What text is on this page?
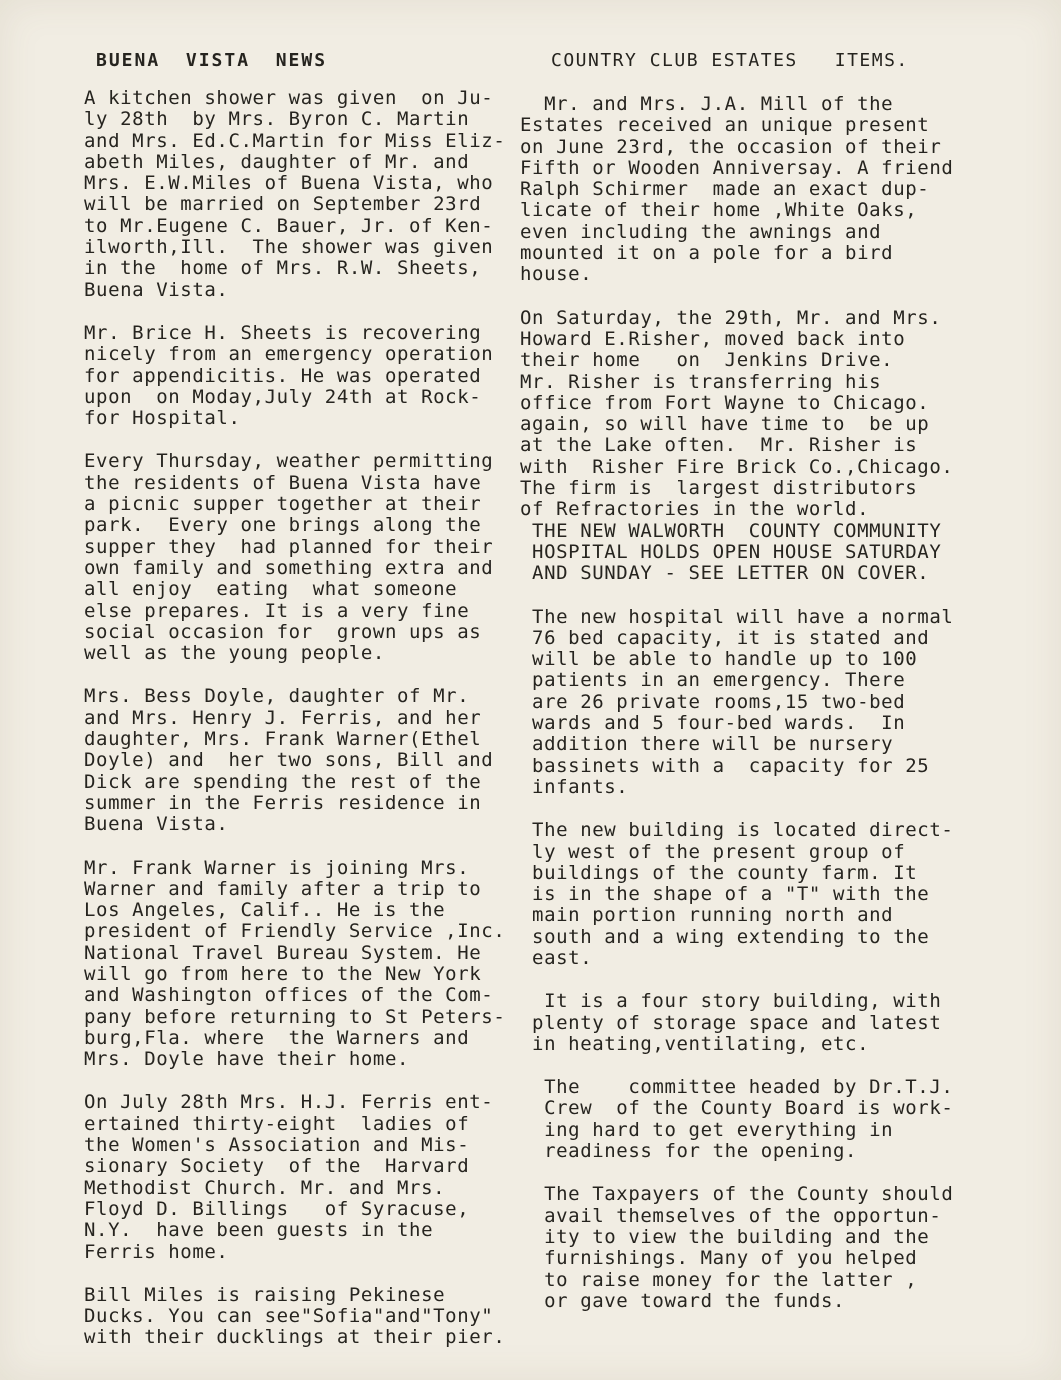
BUENA  VISTA  NEWS	COUNTRY CLUB ESTATES   ITEMS.
A kitchen shower was given  on Ju-
ly 28th  by Mrs. Byron C. Martin
and Mrs. Ed.C.Martin for Miss Eliz-
abeth Miles, daughter of Mr. and
Mrs. E.W.Miles of Buena Vista, who
will be married on September 23rd
to Mr.Eugene C. Bauer, Jr. of Ken-
ilworth,Ill.  The shower was given
in the  home of Mrs. R.W. Sheets,
Buena Vista.
Mr. Brice H. Sheets is recovering
nicely from an emergency operation
for appendicitis. He was operated
upon  on Moday,July 24th at Rock-
for Hospital.
Every Thursday, weather permitting
the residents of Buena Vista have
a picnic supper together at their
park.  Every one brings along the
supper they  had planned for their
own family and something extra and
all enjoy  eating  what someone
else prepares. It is a very fine
social occasion for  grown ups as
well as the young people.
Mrs. Bess Doyle, daughter of Mr.
and Mrs. Henry J. Ferris, and her
daughter, Mrs. Frank Warner(Ethel
Doyle) and  her two sons, Bill and
Dick are spending the rest of the
summer in the Ferris residence in
Buena Vista.
Mr. Frank Warner is joining Mrs.
Warner and family after a trip to
Los Angeles, Calif.. He is the
president of Friendly Service ,Inc.
National Travel Bureau System. He
will go from here to the New York
and Washington offices of the Com-
pany before returning to St Peters-
burg,Fla. where  the Warners and
Mrs. Doyle have their home.
On July 28th Mrs. H.J. Ferris ent-
ertained thirty-eight  ladies of
the Women's Association and Mis-
sionary Society  of the  Harvard
Methodist Church. Mr. and Mrs.
Floyd D. Billings   of Syracuse,
N.Y.  have been guests in the
Ferris home.
Bill Miles is raising Pekinese
Ducks. You can see"Sofia"and"Tony"
with their ducklings at their pier.
Mr. and Mrs. J.A. Mill of the
Estates received an unique present
on June 23rd, the occasion of their
Fifth or Wooden Anniversay. A friend
Ralph Schirmer  made an exact dup-
licate of their home ,White Oaks,
even including the awnings and
mounted it on a pole for a bird
house.
On Saturday, the 29th, Mr. and Mrs.
Howard E.Risher, moved back into
their home   on  Jenkins Drive.
Mr. Risher is transferring his
office from Fort Wayne to Chicago.
again, so will have time to  be up
at the Lake often.  Mr. Risher is
with  Risher Fire Brick Co.,Chicago.
The firm is  largest distributors
of Refractories in the world.
THE NEW WALWORTH  COUNTY COMMUNITY
HOSPITAL HOLDS OPEN HOUSE SATURDAY
AND SUNDAY - SEE LETTER ON COVER.
The new hospital will have a normal
76 bed capacity, it is stated and
will be able to handle up to 100
patients in an emergency. There
are 26 private rooms,15 two-bed
wards and 5 four-bed wards.  In
addition there will be nursery
bassinets with a  capacity for 25
infants.
The new building is located direct-
ly west of the present group of
buildings of the county farm. It
is in the shape of a "T" with the
main portion running north and
south and a wing extending to the
east.
It is a four story building, with
plenty of storage space and latest
in heating,ventilating, etc.
The    committee headed by Dr.T.J.
Crew  of the County Board is work-
ing hard to get everything in
readiness for the opening.
The Taxpayers of the County should
avail themselves of the opportun-
ity to view the building and the
furnishings. Many of you helped
to raise money for the latter ,
or gave toward the funds.
